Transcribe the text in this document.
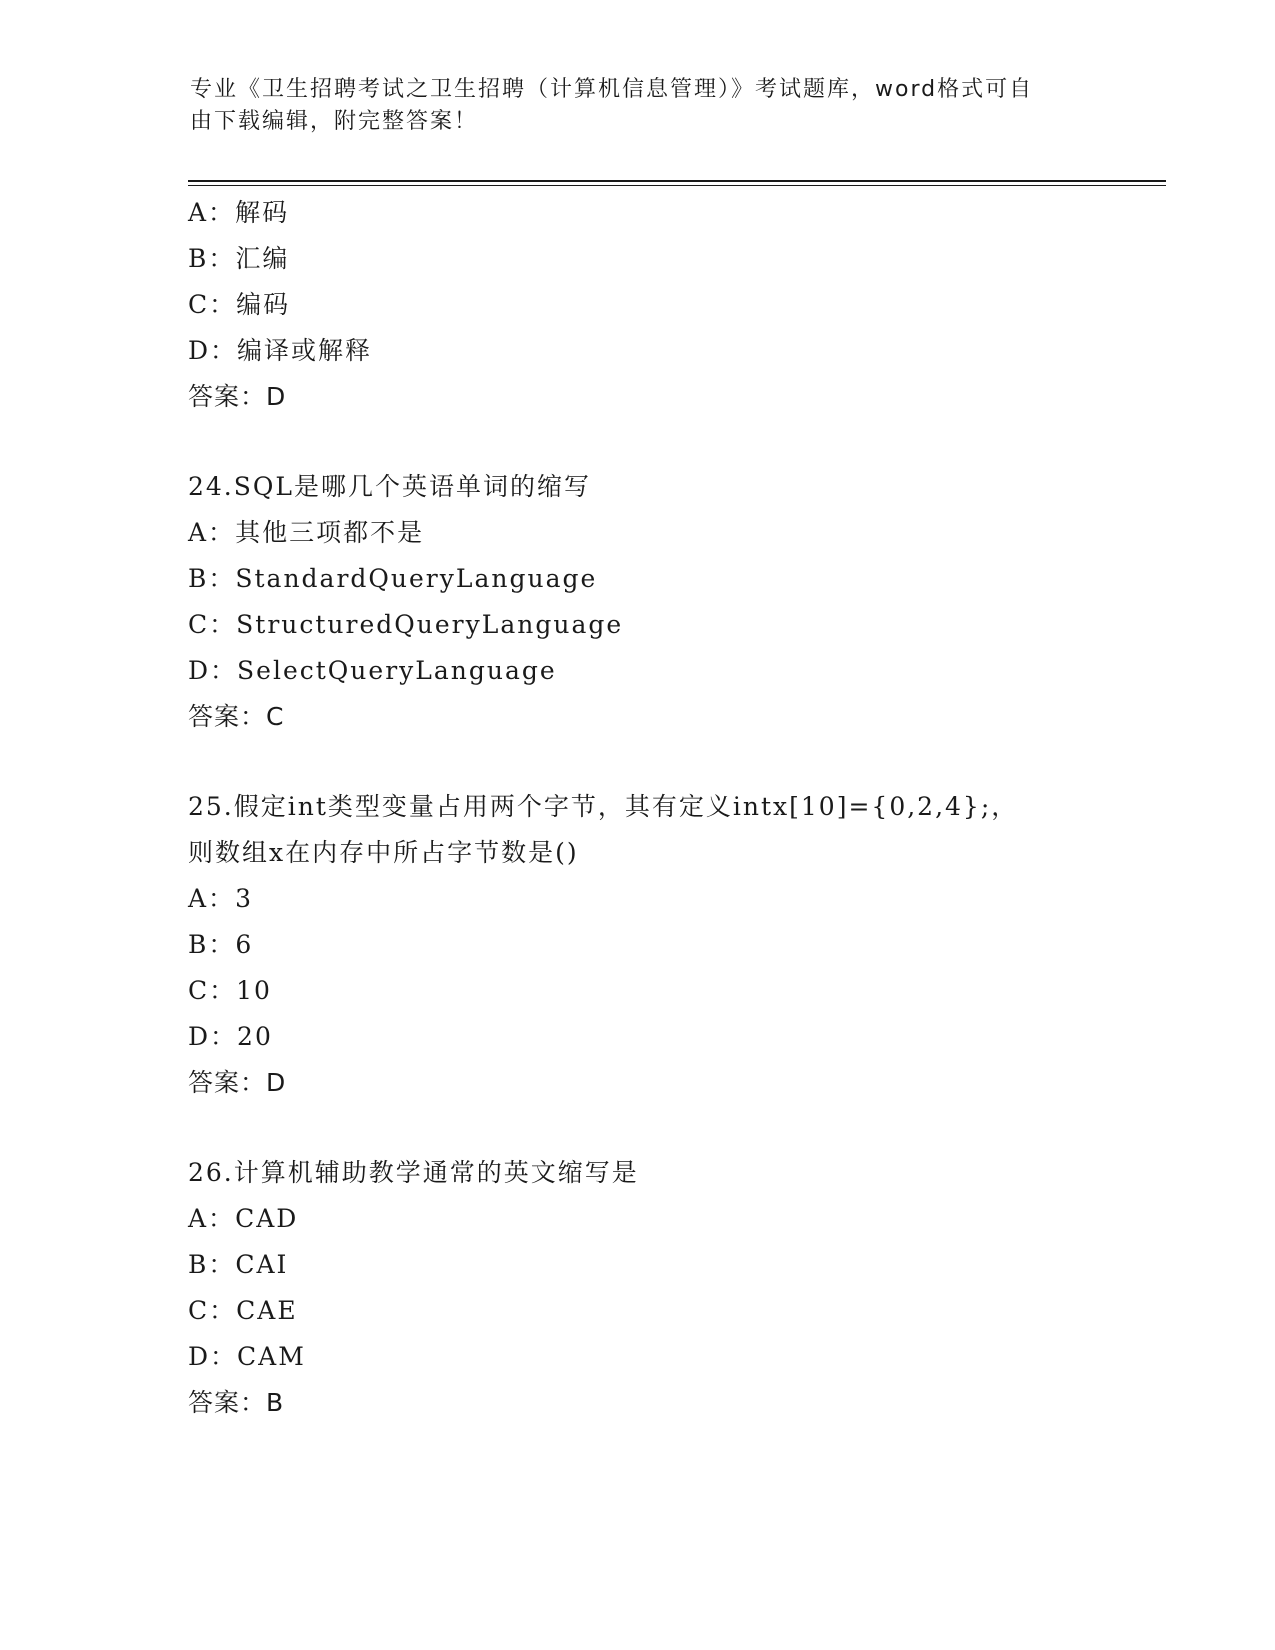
专业《卫生招聘考试之卫生招聘（计算机信息管理）》考试题库，word格式可自
由下载编辑，附完整答案！
A：解码
B：汇编
C：编码
D：编译或解释
答案：D
24.SQL是哪几个英语单词的缩写
A：其他三项都不是
B：StandardQueryLanguage
C：StructuredQueryLanguage
D：SelectQueryLanguage
答案：C
25.假定int类型变量占用两个字节，其有定义intx[10]={0,2,4};，
则数组x在内存中所占字节数是()
A：3
B：6
C：10
D：20
答案：D
26.计算机辅助教学通常的英文缩写是
A：CAD
B：CAI
C：CAE
D：CAM
答案：B
